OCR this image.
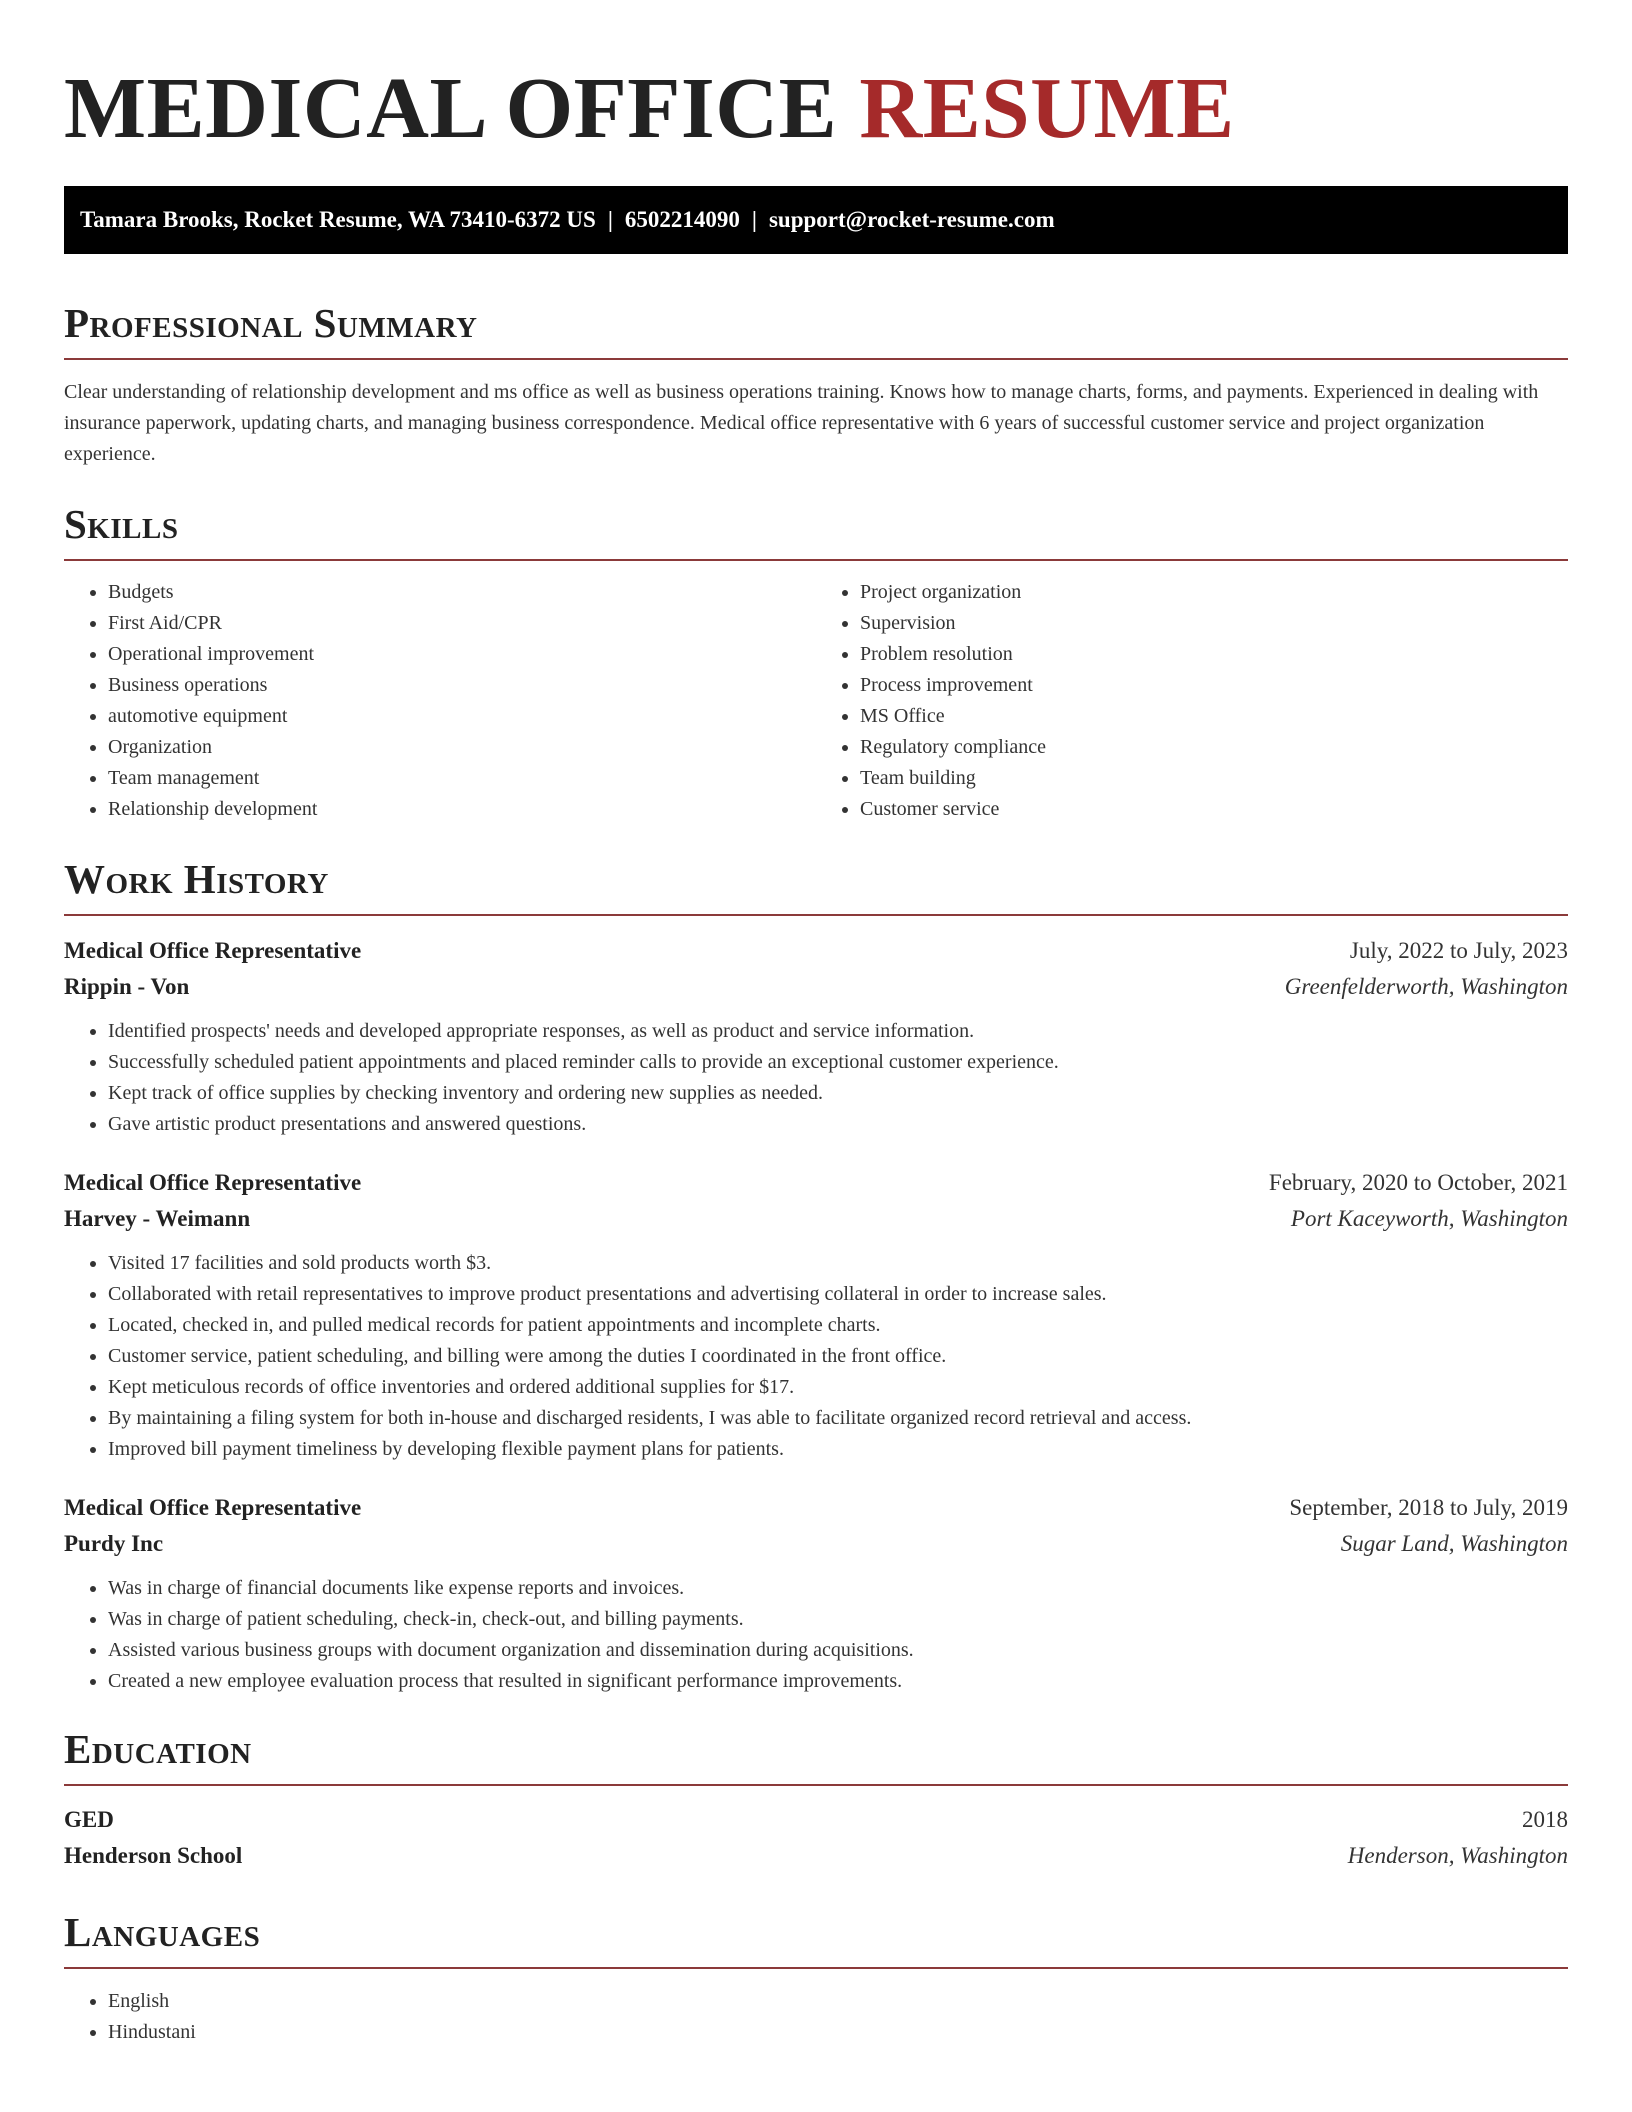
MEDICAL OFFICE RESUME
Tamara Brooks, Rocket Resume, WA 73410-6372 US | 6502214090 | support@rocket-resume.com
Professional Summary

Clear understanding of relationship development and ms office as well as business operations training. Knows how to manage charts, forms, and payments. Experienced in dealing with insurance paperwork, updating charts, and managing business correspondence. Medical office representative with 6 years of successful customer service and project organization experience.

Skills
• Budgets
• First Aid/CPR
• Operational improvement
• Business operations
• automotive equipment
• Organization
• Team management
• Relationship development
• Project organization
• Supervision
• Problem resolution
• Process improvement
• MS Office
• Regulatory compliance
• Team building
• Customer service
Work History
Medical Office Representative	July, 2022 to July, 2023
Rippin - Von	Greenfelderworth, Washington
• Identified prospects' needs and developed appropriate responses, as well as product and service information.
• Successfully scheduled patient appointments and placed reminder calls to provide an exceptional customer experience.
• Kept track of office supplies by checking inventory and ordering new supplies as needed.
• Gave artistic product presentations and answered questions.
Medical Office Representative	February, 2020 to October, 2021
Harvey - Weimann	Port Kaceyworth, Washington
• Visited 17 facilities and sold products worth $3.
• Collaborated with retail representatives to improve product presentations and advertising collateral in order to increase sales.
• Located, checked in, and pulled medical records for patient appointments and incomplete charts.
• Customer service, patient scheduling, and billing were among the duties I coordinated in the front office.
• Kept meticulous records of office inventories and ordered additional supplies for $17.
• By maintaining a filing system for both in-house and discharged residents, I was able to facilitate organized record retrieval and access.
• Improved bill payment timeliness by developing flexible payment plans for patients.
Medical Office Representative	September, 2018 to July, 2019
Purdy Inc	Sugar Land, Washington
• Was in charge of financial documents like expense reports and invoices.
• Was in charge of patient scheduling, check-in, check-out, and billing payments.
• Assisted various business groups with document organization and dissemination during acquisitions.
• Created a new employee evaluation process that resulted in significant performance improvements.
Education
GED	2018
Henderson School	Henderson, Washington
Languages
• English
• Hindustani
